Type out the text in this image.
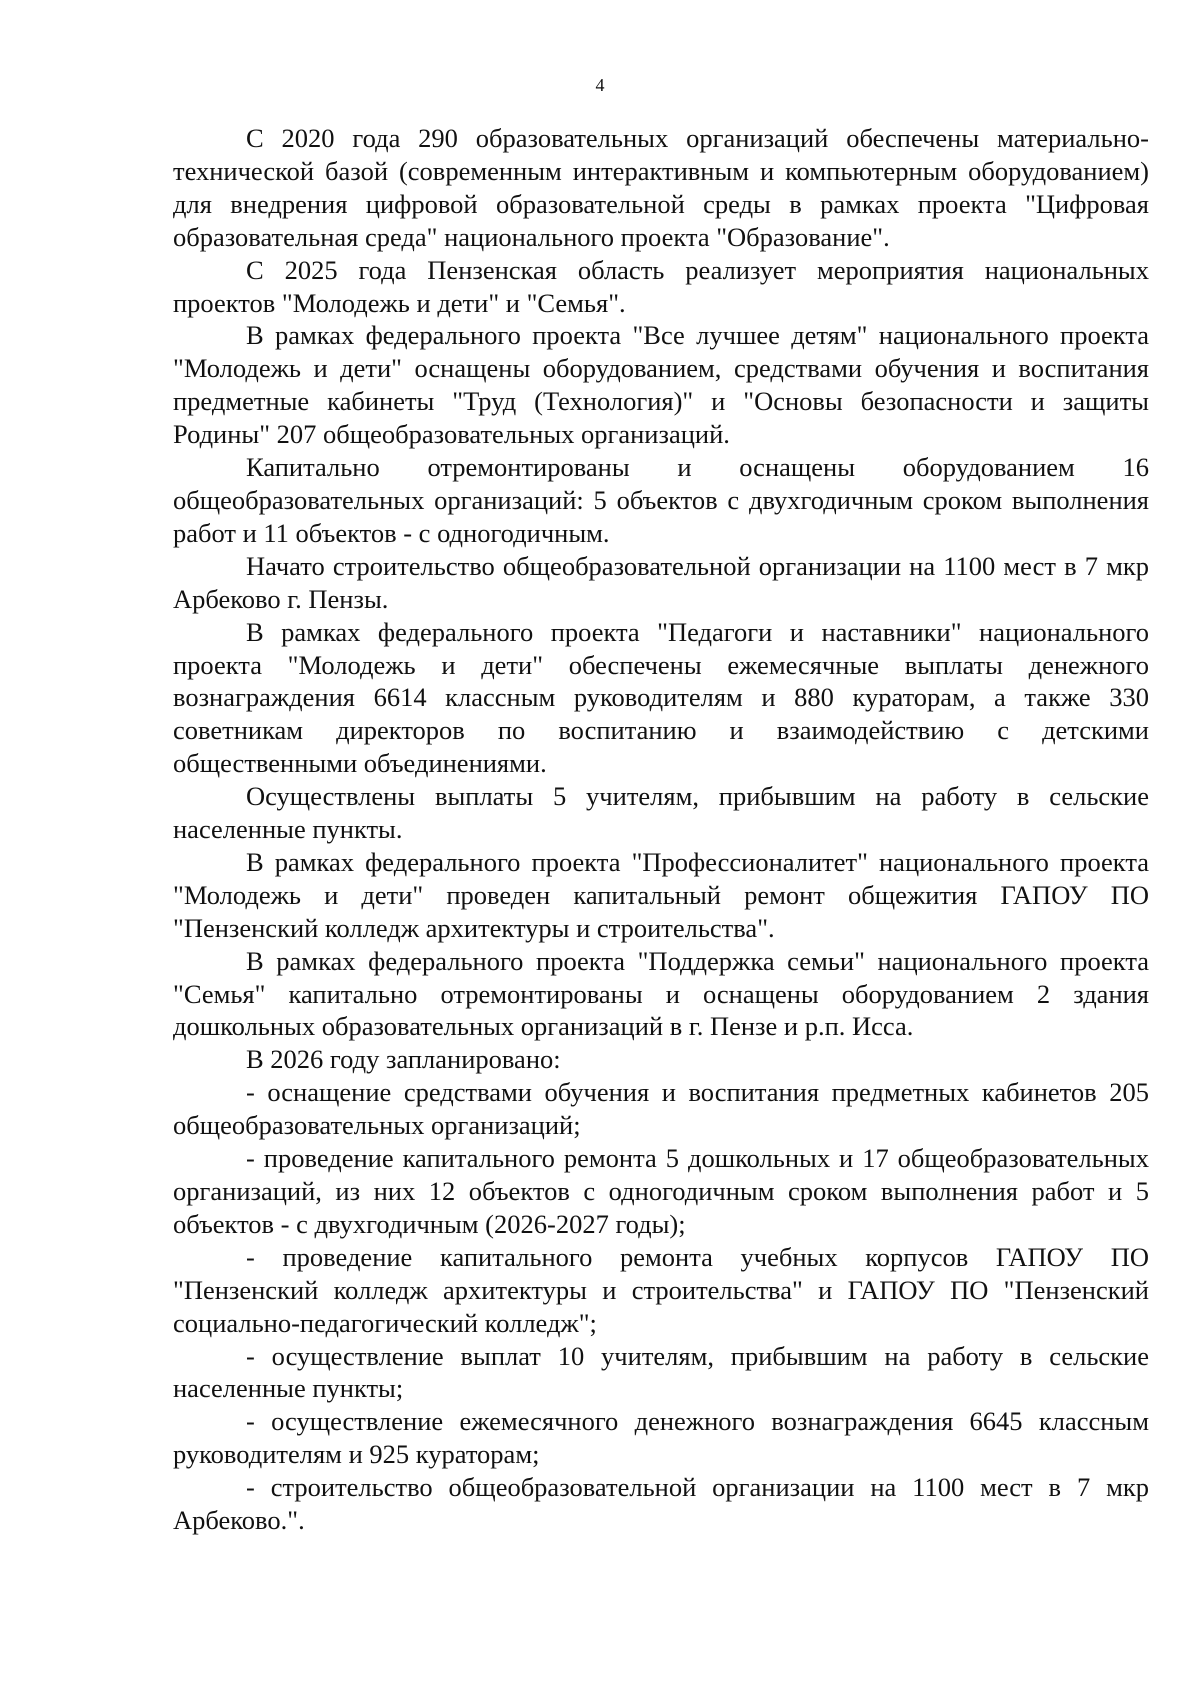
4

С 2020 года 290 образовательных организаций обеспечены материально-технической базой (современным интерактивным и компьютерным оборудованием) для внедрения цифровой образовательной среды в рамках проекта "Цифровая образовательная среда" национального проекта "Образование".

С 2025 года Пензенская область реализует мероприятия национальных проектов "Молодежь и дети" и "Семья".

В рамках федерального проекта "Все лучшее детям" национального проекта "Молодежь и дети" оснащены оборудованием, средствами обучения и воспитания предметные кабинеты "Труд (Технология)" и "Основы безопасности и защиты Родины" 207 общеобразовательных организаций.

Капитально отремонтированы и оснащены оборудованием 16 общеобразовательных организаций: 5 объектов с двухгодичным сроком выполнения работ и 11 объектов - с одногодичным.

Начато строительство общеобразовательной организации на 1100 мест в 7 мкр Арбеково г. Пензы.

В рамках федерального проекта "Педагоги и наставники" национального проекта "Молодежь и дети" обеспечены ежемесячные выплаты денежного вознаграждения 6614 классным руководителям и 880 кураторам, а также 330 советникам директоров по воспитанию и взаимодействию с детскими общественными объединениями.

Осуществлены выплаты 5 учителям, прибывшим на работу в сельские населенные пункты.

В рамках федерального проекта "Профессионалитет" национального проекта "Молодежь и дети" проведен капитальный ремонт общежития ГАПОУ ПО "Пензенский колледж архитектуры и строительства".

В рамках федерального проекта "Поддержка семьи" национального проекта "Семья" капитально отремонтированы и оснащены оборудованием 2 здания дошкольных образовательных организаций в г. Пензе и р.п. Исса.

В 2026 году запланировано:

- оснащение средствами обучения и воспитания предметных кабинетов 205 общеобразовательных организаций;

- проведение капитального ремонта 5 дошкольных и 17 общеобразовательных организаций, из них 12 объектов с одногодичным сроком выполнения работ и 5 объектов - с двухгодичным (2026-2027 годы);

- проведение капитального ремонта учебных корпусов ГАПОУ ПО "Пензенский колледж архитектуры и строительства" и ГАПОУ ПО "Пензенский социально-педагогический колледж";

- осуществление выплат 10 учителям, прибывшим на работу в сельские населенные пункты;

- осуществление ежемесячного денежного вознаграждения 6645 классным руководителям и 925 кураторам;

- строительство общеобразовательной организации на 1100 мест в 7 мкр Арбеково.".
